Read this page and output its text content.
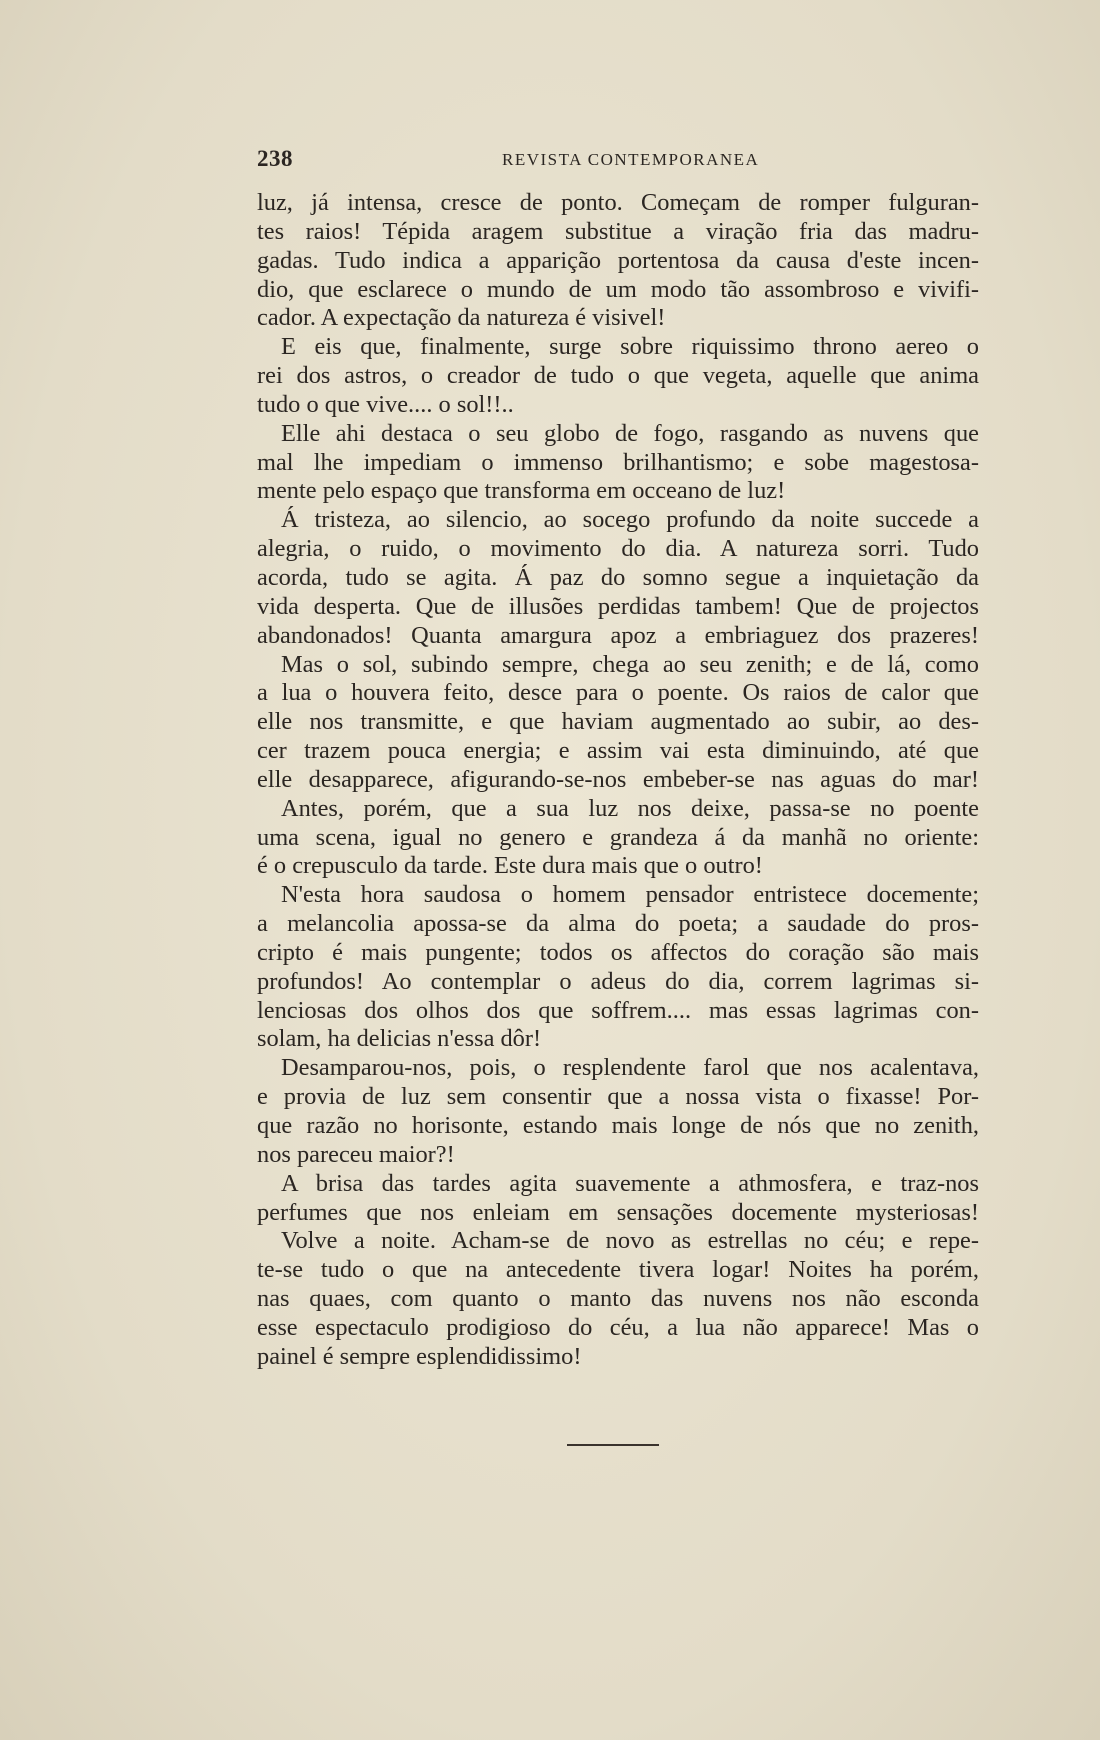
238	REVISTA CONTEMPORANEA
luz, já intensa, cresce de ponto. Começam de romper fulguran-
tes raios! Tépida aragem substitue a viração fria das madru-
gadas. Tudo indica a apparição portentosa da causa d'este incen-
dio, que esclarece o mundo de um modo tão assombroso e vivifi-
cador. A expectação da natureza é visivel!
E eis que, finalmente, surge sobre riquissimo throno aereo o
rei dos astros, o creador de tudo o que vegeta, aquelle que anima
tudo o que vive.... o sol!!..
Elle ahi destaca o seu globo de fogo, rasgando as nuvens que
mal lhe impediam o immenso brilhantismo; e sobe magestosa-
mente pelo espaço que transforma em occeano de luz!
Á tristeza, ao silencio, ao socego profundo da noite succede a
alegria, o ruido, o movimento do dia. A natureza sorri. Tudo
acorda, tudo se agita. Á paz do somno segue a inquietação da
vida desperta. Que de illusões perdidas tambem! Que de projectos
abandonados! Quanta amargura apoz a embriaguez dos prazeres!
Mas o sol, subindo sempre, chega ao seu zenith; e de lá, como
a lua o houvera feito, desce para o poente. Os raios de calor que
elle nos transmitte, e que haviam augmentado ao subir, ao des-
cer trazem pouca energia; e assim vai esta diminuindo, até que
elle desapparece, afigurando-se-nos embeber-se nas aguas do mar!
Antes, porém, que a sua luz nos deixe, passa-se no poente
uma scena, igual no genero e grandeza á da manhã no oriente:
é o crepusculo da tarde. Este dura mais que o outro!
N'esta hora saudosa o homem pensador entristece docemente;
a melancolia apossa-se da alma do poeta; a saudade do pros-
cripto é mais pungente; todos os affectos do coração são mais
profundos! Ao contemplar o adeus do dia, correm lagrimas si-
lenciosas dos olhos dos que soffrem.... mas essas lagrimas con-
solam, ha delicias n'essa dôr!
Desamparou-nos, pois, o resplendente farol que nos acalentava,
e provia de luz sem consentir que a nossa vista o fixasse! Por-
que razão no horisonte, estando mais longe de nós que no zenith,
nos pareceu maior?!
A brisa das tardes agita suavemente a athmosfera, e traz-nos
perfumes que nos enleiam em sensações docemente mysteriosas!
Volve a noite. Acham-se de novo as estrellas no céu; e repe-
te-se tudo o que na antecedente tivera logar! Noites ha porém,
nas quaes, com quanto o manto das nuvens nos não esconda
esse espectaculo prodigioso do céu, a lua não apparece! Mas o
painel é sempre esplendidissimo!
